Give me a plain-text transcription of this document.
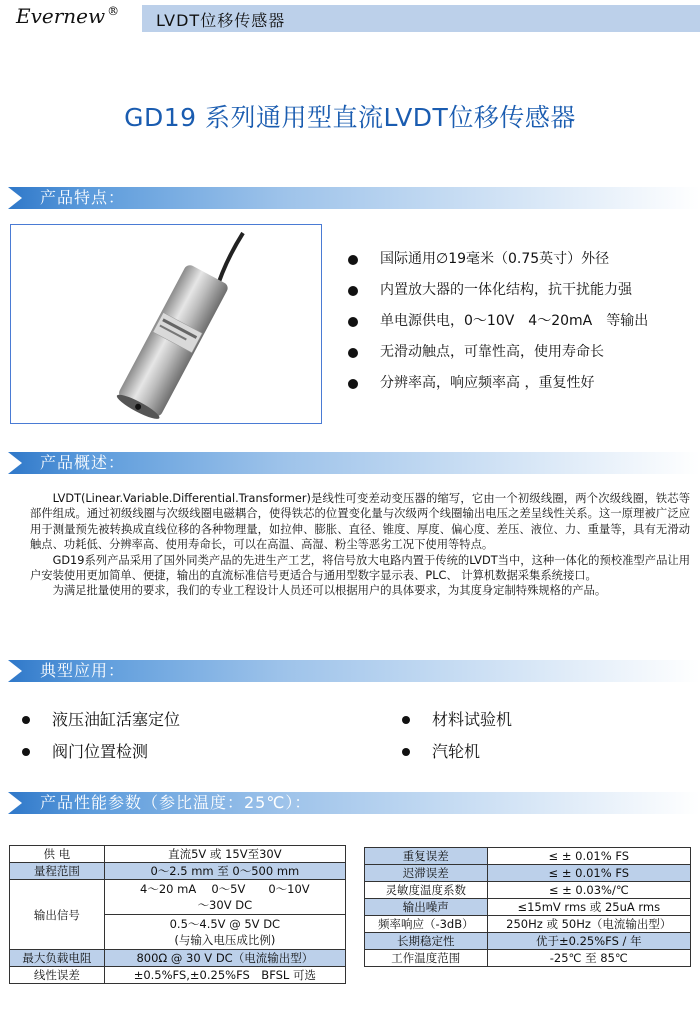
Evernew ® LVDT位移传感器
GD19 系列通用型直流LVDT位移传感器
产品特点：
国际通用∅19毫米（0.75英寸）外径
内置放大器的一体化结构，抗干扰能力强
单电源供电，0～10V　4～20mA　等输出
无滑动触点，可靠性高，使用寿命长
分辨率高，响应频率高 ，重复性好
产品概述：

LVDT(Linear.Variable.Differential.Transformer)是线性可变差动变压器的缩写，它由一个初级线圈，两个次级线圈，铁芯等部件组成。通过初级线圈与次级线圈电磁耦合，使得铁芯的位置变化量与次级两个线圈输出电压之差呈线性关系。这一原理被广泛应用于测量预先被转换成直线位移的各种物理量，如拉伸、膨胀、直径、锥度、厚度、偏心度、差压、液位、力、重量等，具有无滑动触点、功耗低、分辨率高、使用寿命长，可以在高温、高湿、粉尘等恶劣工况下使用等特点。

GD19系列产品采用了国外同类产品的先进生产工艺，将信号放大电路内置于传统的LVDT当中，这种一体化的预校准型产品让用户安装使用更加简单、便捷，输出的直流标准信号更适合与通用型数字显示表、PLC、 计算机数据采集系统接口。

为满足批量使用的要求，我们的专业工程设计人员还可以根据用户的具体要求，为其度身定制特殊规格的产品。

典型应用：
液压油缸活塞定位	材料试验机
阀门位置检测	汽轮机
产品性能参数（参比温度：25℃）：
供 电	直流5V 或 15V至30V
量程范围	0～2.5 mm 至 0～500 mm
输出信号	4～20 mA　 0～5V　　0～10V
～30V DC

	0.5～4.5V @ 5V DC
(与输入电压成比例)

最大负载电阻	800Ω @ 30 V DC（电流输出型）
线性误差	±0.5%FS,±0.25%FS　BFSL 可选
重复误差	≤ ± 0.01% FS
迟滞误差	≤ ± 0.01% FS
灵敏度温度系数	≤ ± 0.03%/℃
输出噪声	≤15mV rms 或 25uA rms
频率响应（-3dB）	250Hz 或 50Hz（电流输出型）
长期稳定性	优于±0.25%FS / 年
工作温度范围	-25℃ 至 85℃
